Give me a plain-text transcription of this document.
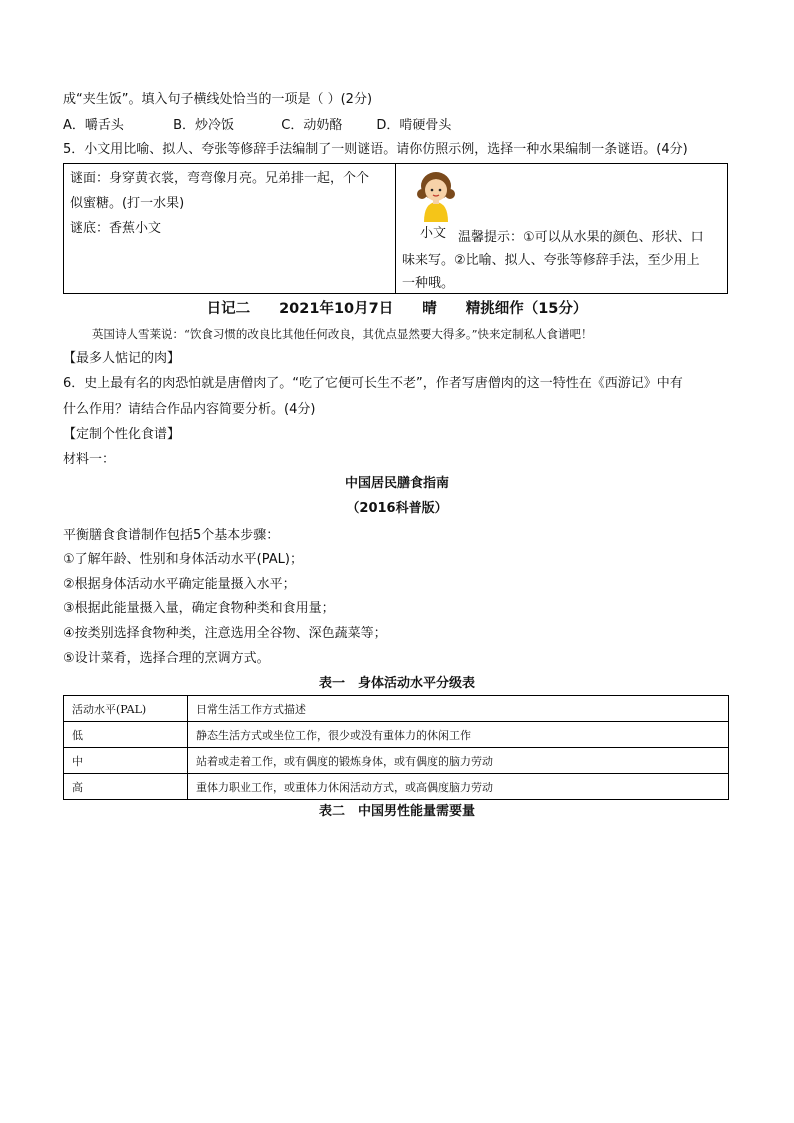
成“夹生饭”。填入句子横线处恰当的一项是（ ）(2分)
A．嚼舌头	B．炒冷饭	C．动奶酪	D．啃硬骨头
5．小文用比喻、拟人、夸张等修辞手法编制了一则谜语。请你仿照示例，选择一种水果编制一条谜语。(4分)
谜面：身穿黄衣裳，弯弯像月亮。兄弟排一起，个个
似蜜糖。(打一水果)
谜底：香蕉小文	小文 温馨提示：①可以从水果的颜色、形状、口
味来写。②比喻、拟人、夸张等修辞手法，至少用上
一种哦。
日记二　　2021年10月7日　　晴　　精挑细作（15分）
英国诗人雪莱说：“饮食习惯的改良比其他任何改良，其优点显然要大得多。”快来定制私人食谱吧！
【最多人惦记的肉】
6．史上最有名的肉恐怕就是唐僧肉了。“吃了它便可长生不老”，作者写唐僧肉的这一特性在《西游记》中有
什么作用？请结合作品内容简要分析。(4分)
【定制个性化食谱】
材料一：
中国居民膳食指南
（2016科普版）
平衡膳食食谱制作包括5个基本步骤：
①了解年龄、性别和身体活动水平(PAL)；
②根据身体活动水平确定能量摄入水平；
③根据此能量摄入量，确定食物种类和食用量；
④按类别选择食物种类，注意选用全谷物、深色蔬菜等；
⑤设计菜肴，选择合理的烹调方式。
表一　身体活动水平分级表
活动水平(PAL)	日常生活工作方式描述
低	静态生活方式或坐位工作，很少或没有重体力的休闲工作
中	站着或走着工作，或有偶度的锻炼身体，或有偶度的脑力劳动
高	重体力职业工作，或重体力休闲活动方式，或高偶度脑力劳动
表二　中国男性能量需要量
